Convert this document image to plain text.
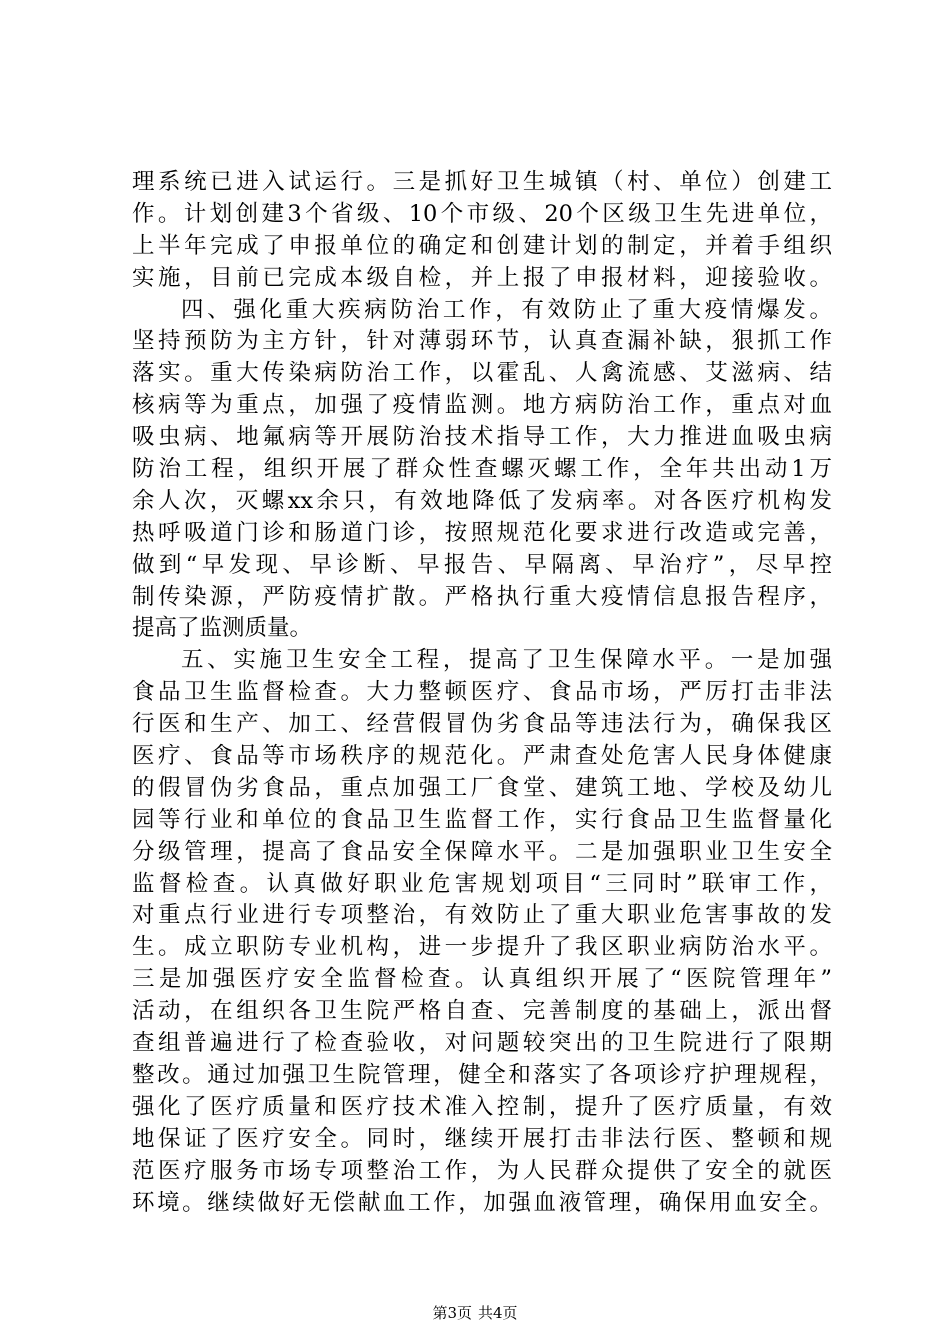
理系统已进入试运行。三是抓好卫生城镇（村、单位）创建工
作。计划创建3个省级、10个市级、20个区级卫生先进单位，
上半年完成了申报单位的确定和创建计划的制定，并着手组织
实施，目前已完成本级自检，并上报了申报材料，迎接验收。
四、强化重大疾病防治工作，有效防止了重大疫情爆发。
坚持预防为主方针，针对薄弱环节，认真查漏补缺，狠抓工作
落实。重大传染病防治工作，以霍乱、人禽流感、艾滋病、结
核病等为重点，加强了疫情监测。地方病防治工作，重点对血
吸虫病、地氟病等开展防治技术指导工作，大力推进血吸虫病
防治工程，组织开展了群众性查螺灭螺工作，全年共出动1万
余人次，灭螺xx余只，有效地降低了发病率。对各医疗机构发
热呼吸道门诊和肠道门诊，按照规范化要求进行改造或完善，
做到“早发现、早诊断、早报告、早隔离、早治疗”，尽早控
制传染源，严防疫情扩散。严格执行重大疫情信息报告程序，
提高了监测质量。
五、实施卫生安全工程，提高了卫生保障水平。一是加强
食品卫生监督检查。大力整顿医疗、食品市场，严厉打击非法
行医和生产、加工、经营假冒伪劣食品等违法行为，确保我区
医疗、食品等市场秩序的规范化。严肃查处危害人民身体健康
的假冒伪劣食品，重点加强工厂食堂、建筑工地、学校及幼儿
园等行业和单位的食品卫生监督工作，实行食品卫生监督量化
分级管理，提高了食品安全保障水平。二是加强职业卫生安全
监督检查。认真做好职业危害规划项目“三同时”联审工作，
对重点行业进行专项整治，有效防止了重大职业危害事故的发
生。成立职防专业机构，进一步提升了我区职业病防治水平。
三是加强医疗安全监督检查。认真组织开展了“医院管理年”
活动，在组织各卫生院严格自查、完善制度的基础上，派出督
查组普遍进行了检查验收，对问题较突出的卫生院进行了限期
整改。通过加强卫生院管理，健全和落实了各项诊疗护理规程，
强化了医疗质量和医疗技术准入控制，提升了医疗质量，有效
地保证了医疗安全。同时，继续开展打击非法行医、整顿和规
范医疗服务市场专项整治工作，为人民群众提供了安全的就医
环境。继续做好无偿献血工作，加强血液管理，确保用血安全。
第3页 共4页
